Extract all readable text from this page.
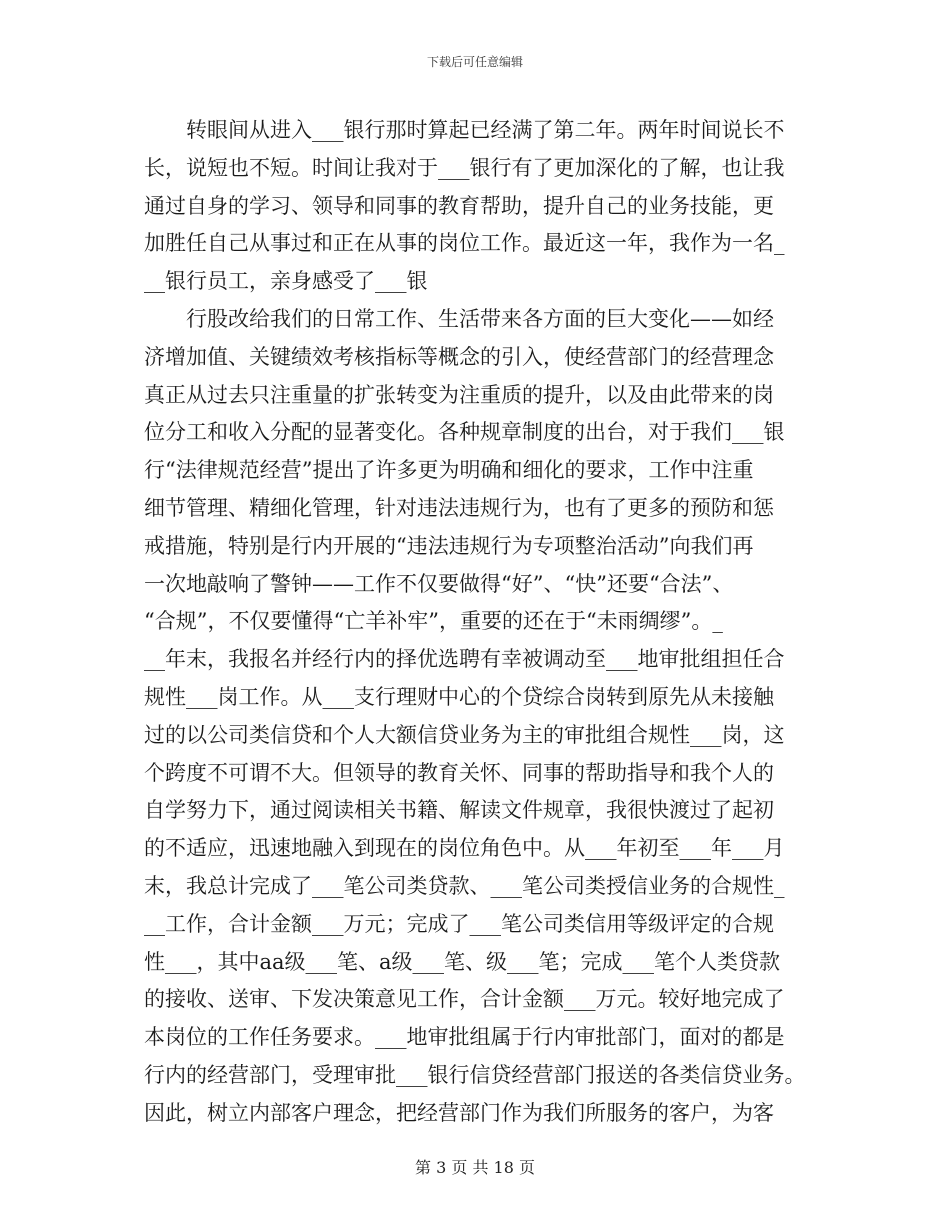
下载后可任意编辑
转眼间从进入___银行那时算起已经满了第二年。两年时间说长不
长，说短也不短。时间让我对于___银行有了更加深化的了解，也让我
通过自身的学习、领导和同事的教育帮助，提升自己的业务技能，更
加胜任自己从事过和正在从事的岗位工作。最近这一年，我作为一名_
__银行员工，亲身感受了___银
行股改给我们的日常工作、生活带来各方面的巨大变化——如经
济增加值、关键绩效考核指标等概念的引入，使经营部门的经营理念
真正从过去只注重量的扩张转变为注重质的提升，以及由此带来的岗
位分工和收入分配的显著变化。各种规章制度的出台，对于我们___银
行“法律规范经营”提出了许多更为明确和细化的要求，工作中注重
细节管理、精细化管理，针对违法违规行为，也有了更多的预防和惩
戒措施，特别是行内开展的“违法违规行为专项整治活动”向我们再
一次地敲响了警钟——工作不仅要做得“好”、“快”还要“合法”、
“合规”，不仅要懂得“亡羊补牢”，重要的还在于“未雨绸缪”。_
__年末，我报名并经行内的择优选聘有幸被调动至___地审批组担任合
规性___岗工作。从___支行理财中心的个贷综合岗转到原先从未接触
过的以公司类信贷和个人大额信贷业务为主的审批组合规性___岗，这
个跨度不可谓不大。但领导的教育关怀、同事的帮助指导和我个人的
自学努力下，通过阅读相关书籍、解读文件规章，我很快渡过了起初
的不适应，迅速地融入到现在的岗位角色中。从___年初至___年___月
末，我总计完成了___笔公司类贷款、___笔公司类授信业务的合规性_
__工作，合计金额___万元；完成了___笔公司类信用等级评定的合规
性___，其中aa级___笔、a级___笔、级___笔；完成___笔个人类贷款
的接收、送审、下发决策意见工作，合计金额___万元。较好地完成了
本岗位的工作任务要求。___地审批组属于行内审批部门，面对的都是
行内的经营部门，受理审批___银行信贷经营部门报送的各类信贷业务。
因此，树立内部客户理念，把经营部门作为我们所服务的客户，为客
第 3 页 共 18 页
